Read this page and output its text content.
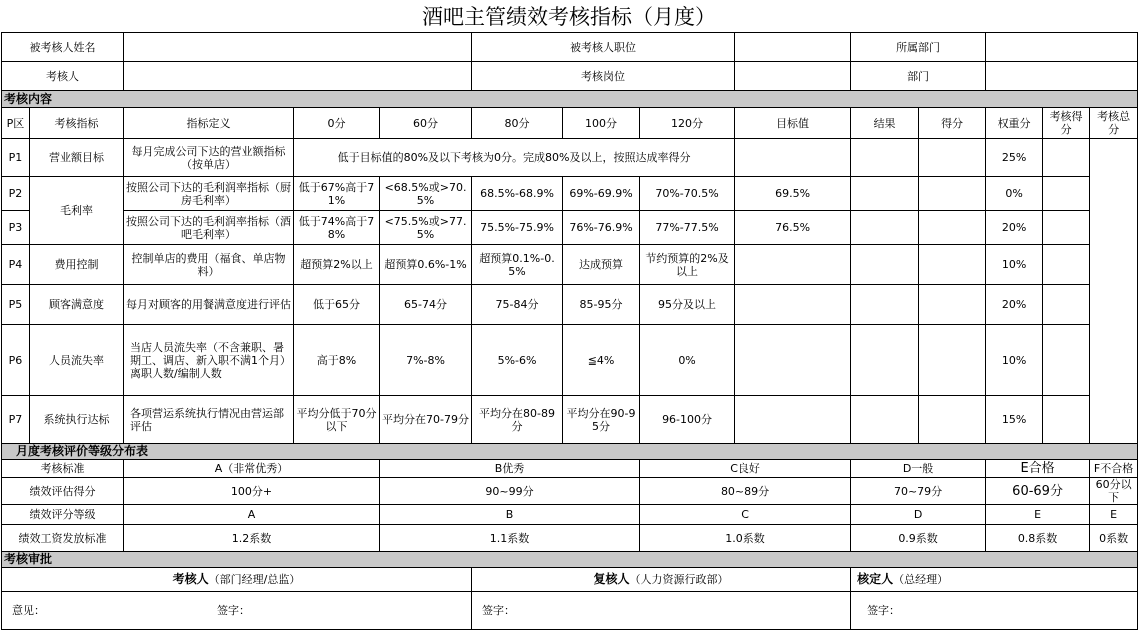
酒吧主管绩效考核指标（月度）
被考核人姓名					被考核人职位				所属部门				
考核人					考核岗位				部门				
考核内容													
P区	考核指标	指标定义	0分	60分	80分	100分	120分	目标值	结果	得分	权重分	考核得分	考核总分
P1	营业额目标	每月完成公司下达的营业额指标（按单店）	低于目标值的80%及以下考核为0分。完成80%及以上，按照达成率得分								25%		
P2	毛利率	按照公司下达的毛利润率指标（厨房毛利率）	低于67%高于71%	<68.5%或>70.5%	68.5%-68.9%	69%-69.9%	70%-70.5%	69.5%			0%		
P3		按照公司下达的毛利润率指标（酒吧毛利率）	低于74%高于78%	<75.5%或>77.5%	75.5%-75.9%	76%-76.9%	77%-77.5%	76.5%			20%		
P4	费用控制	控制单店的费用（福食、单店物料）	超预算2%以上	超预算0.6%-1%	超预算0.1%-0.5%	达成预算	节约预算的2%及以上				10%		
P5	顾客满意度	每月对顾客的用餐满意度进行评估	低于65分	65-74分	75-84分	85-95分	95分及以上				20%		
P6	人员流失率	当店人员流失率（不含兼职、暑期工、调店、新入职不满1个月）离职人数/编制人数	高于8%	7%-8%	5%-6%	≦4%	0%				10%		
P7	系统执行达标	各项营运系统执行情况由营运部评估	平均分低于70分以下	平均分在70-79分	平均分在80-89分	平均分在90-95分	96-100分				15%		
月度考核评价等级分布表													
考核标准		A（非常优秀）		B优秀			C良好		D一般		E合格		F不合格
绩效评估得分		100分+		90~99分			80~89分		70~79分		60-69分		60分以下
绩效评分等级		A		B			C		D		E		E
绩效工资发放标准		1.2系数		1.1系数			1.0系数		0.9系数		0.8系数		0系数
考核审批													
考核人（部门经理/总监）					复核人（人力资源行政部）				核定人（总经理）				
意见： 签字：					签字：				签字：				
